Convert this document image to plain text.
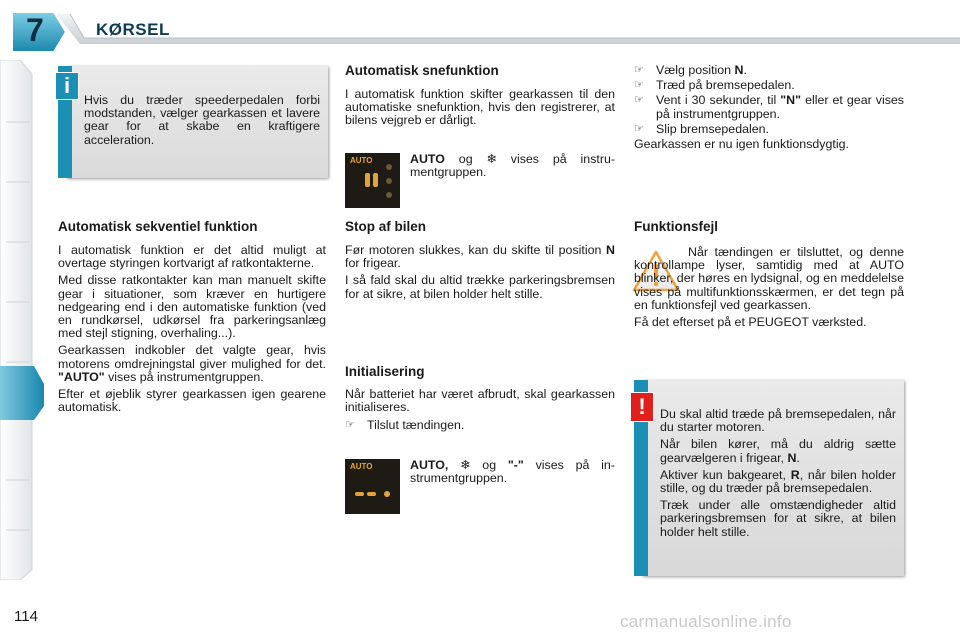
7	KØRSEL
i

Hvis du træder speederpedalen forbi modstanden, vælger gearkassen et lavere gear for at skabe en kraftigere acceleration.

Automatisk sekventiel funktion

I automatisk funktion er det altid muligt at overtage styringen kortvarigt af ratkontakterne.

Med disse ratkontakter kan man manuelt skifte gear i situationer, som kræver en hurtigere nedgearing end i den automatiske funktion (ved en rundkørsel, udkørsel fra parkeringsanlæg med stejl stigning, overhaling...).

Gearkassen indkobler det valgte gear, hvis motorens omdrejningstal giver mulighed for det. "AUTO" vises på instrumentgruppen.

Efter et øjeblik styrer gearkassen igen gearene automatisk.

Automatisk snefunktion

I automatisk funktion skifter gearkassen til den automatiske snefunktion, hvis den registrerer, at bilens vejgreb er dårligt.

AUTO	AUTO og ❄ vises på instrumentgruppen.

Stop af bilen

Før motoren slukkes, kan du skifte til position N for frigear.

I så fald skal du altid trække parkeringsbremsen for at sikre, at bilen holder helt stille.

Initialisering

Når batteriet har været afbrudt, skal gearkassen initialiseres.

☞ Tilslut tændingen.
AUTO	AUTO, ❄ og "-" vises på instrumentgruppen.

☞ Vælg position N.
☞ Træd på bremsepedalen.
☞ Vent i 30 sekunder, til "N" eller et gear vises på instrumentgruppen.
☞ Slip bremsepedalen.

Gearkassen er nu igen funktionsdygtig.

Funktionsfejl

Når tændingen er tilsluttet, og denne kontrollampe lyser, samtidig med at AUTO blinker, der høres en lydsignal, og en meddelelse vises på multifunktionsskærmen, er det tegn på en funktionsfejl ved gearkassen.

Få det efterset på et PEUGEOT værksted.

!	Du skal altid træde på bremsepedalen, når du starter motoren.

Når bilen kører, må du aldrig sætte gearvælgeren i frigear, N.

Aktiver kun bakgearet, R, når bilen holder stille, og du træder på bremsepedalen.

Træk under alle omstændigheder altid parkeringsbremsen for at sikre, at bilen holder helt stille.

114	carmanualsonline.info
